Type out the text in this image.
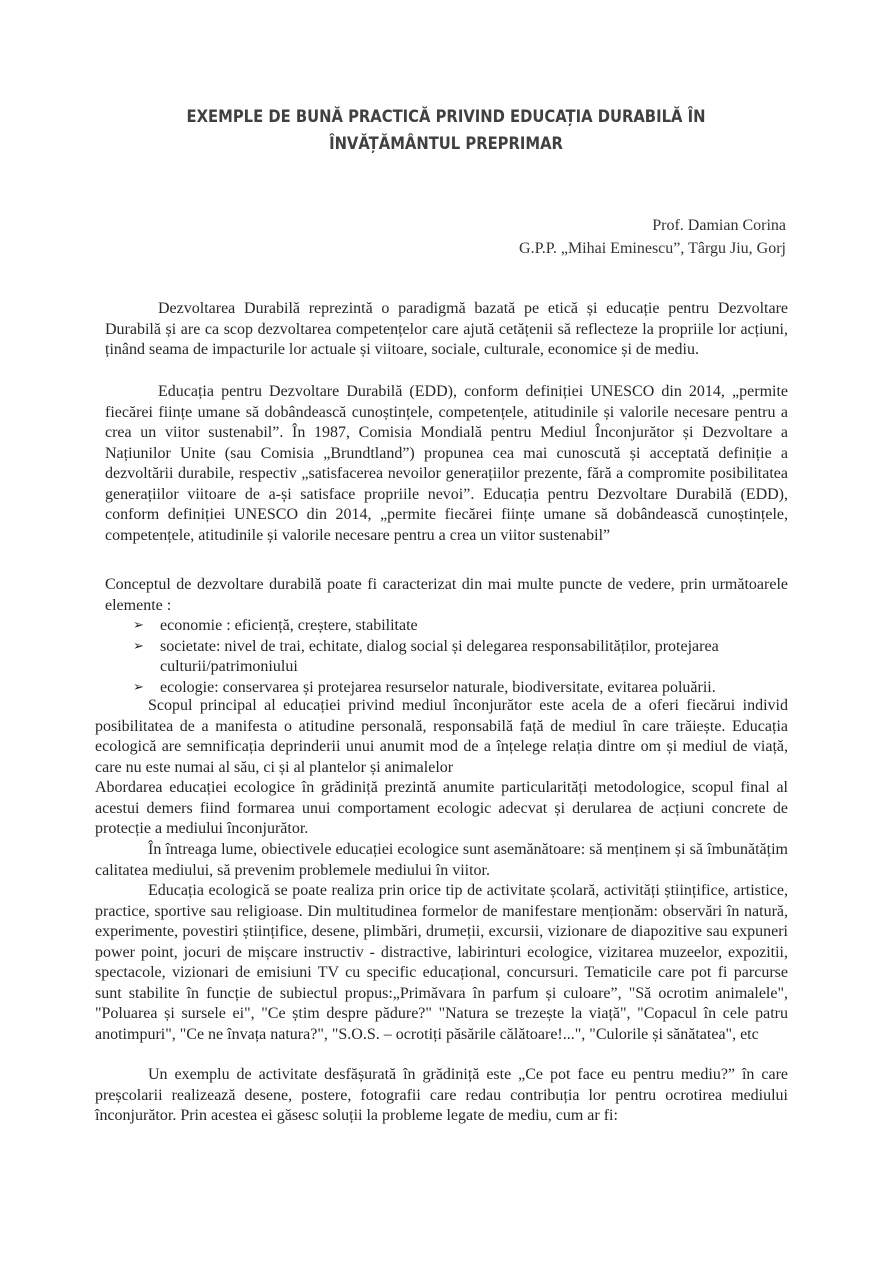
EXEMPLE DE BUNĂ PRACTICĂ PRIVIND EDUCAȚIA DURABILĂ ÎN
ÎNVĂȚĂMÂNTUL PREPRIMAR
Prof. Damian Corina
G.P.P. „Mihai Eminescu”, Târgu Jiu, Gorj

Dezvoltarea Durabilă reprezintă o paradigmă bazată pe etică și educație pentru Dezvoltare Durabilă și are ca scop dezvoltarea competențelor care ajută cetățenii să reflecteze la propriile lor acțiuni, ținând seama de impacturile lor actuale și viitoare, sociale, culturale, economice și de mediu.

Educația pentru Dezvoltare Durabilă (EDD), conform definiției UNESCO din 2014, „permite fiecărei ființe umane să dobândească cunoștințele, competențele, atitudinile și valorile necesare pentru a crea un viitor sustenabil”. În 1987, Comisia Mondială pentru Mediul Înconjurător și Dezvoltare a Națiunilor Unite (sau Comisia „Brundtland”) propunea cea mai cunoscută și acceptată definiție a dezvoltării durabile, respectiv „satisfacerea nevoilor generațiilor prezente, fără a compromite posibilitatea generațiilor viitoare de a-și satisface propriile nevoi”. Educația pentru Dezvoltare Durabilă (EDD), conform definiției UNESCO din 2014, „permite fiecărei ființe umane să dobândească cunoștințele, competențele, atitudinile și valorile necesare pentru a crea un viitor sustenabil”

Conceptul de dezvoltare durabilă poate fi caracterizat din mai multe puncte de vedere, prin următoarele elemente :

➢ economie : eficiență, creștere, stabilitate
➢ societate: nivel de trai, echitate, dialog social și delegarea responsabilităților, protejarea culturii/patrimoniului
➢ ecologie: conservarea și protejarea resurselor naturale, biodiversitate, evitarea poluării.

Scopul principal al educației privind mediul înconjurător este acela de a oferi fiecărui individ posibilitatea de a manifesta o atitudine personală, responsabilă față de mediul în care trăiește. Educația ecologică are semnificația deprinderii unui anumit mod de a înțelege relația dintre om și mediul de viață, care nu este numai al său, ci și al plantelor și animalelor

Abordarea educației ecologice în grădiniță prezintă anumite particularități metodologice, scopul final al acestui demers fiind formarea unui comportament ecologic adecvat și derularea de acțiuni concrete de protecție a mediului înconjurător.

În întreaga lume, obiectivele educației ecologice sunt asemănătoare: să menținem și să îmbunătățim calitatea mediului, să prevenim problemele mediului în viitor.

Educația ecologică se poate realiza prin orice tip de activitate școlară, activități științifice, artistice, practice, sportive sau religioase. Din multitudinea formelor de manifestare menționăm: observări în natură, experimente, povestiri științifice, desene, plimbări, drumeții, excursii, vizionare de diapozitive sau expuneri power point, jocuri de mișcare instructiv - distractive, labirinturi ecologice, vizitarea muzeelor, expozitii, spectacole, vizionari de emisiuni TV cu specific educațional, concursuri. Tematicile care pot fi parcurse sunt stabilite în funcție de subiectul propus:„Primăvara în parfum și culoare”, "Să ocrotim animalele", "Poluarea și sursele ei", "Ce știm despre pădure?" "Natura se trezește la viață", "Copacul în cele patru anotimpuri", "Ce ne învața natura?", "S.O.S. – ocrotiți păsările călătoare!...", "Culorile și sănătatea", etc

Un exemplu de activitate desfășurată în grădiniță este „Ce pot face eu pentru mediu?” în care preșcolarii realizează desene, postere, fotografii care redau contribuția lor pentru ocrotirea mediului înconjurător. Prin acestea ei găsesc soluții la probleme legate de mediu, cum ar fi:
